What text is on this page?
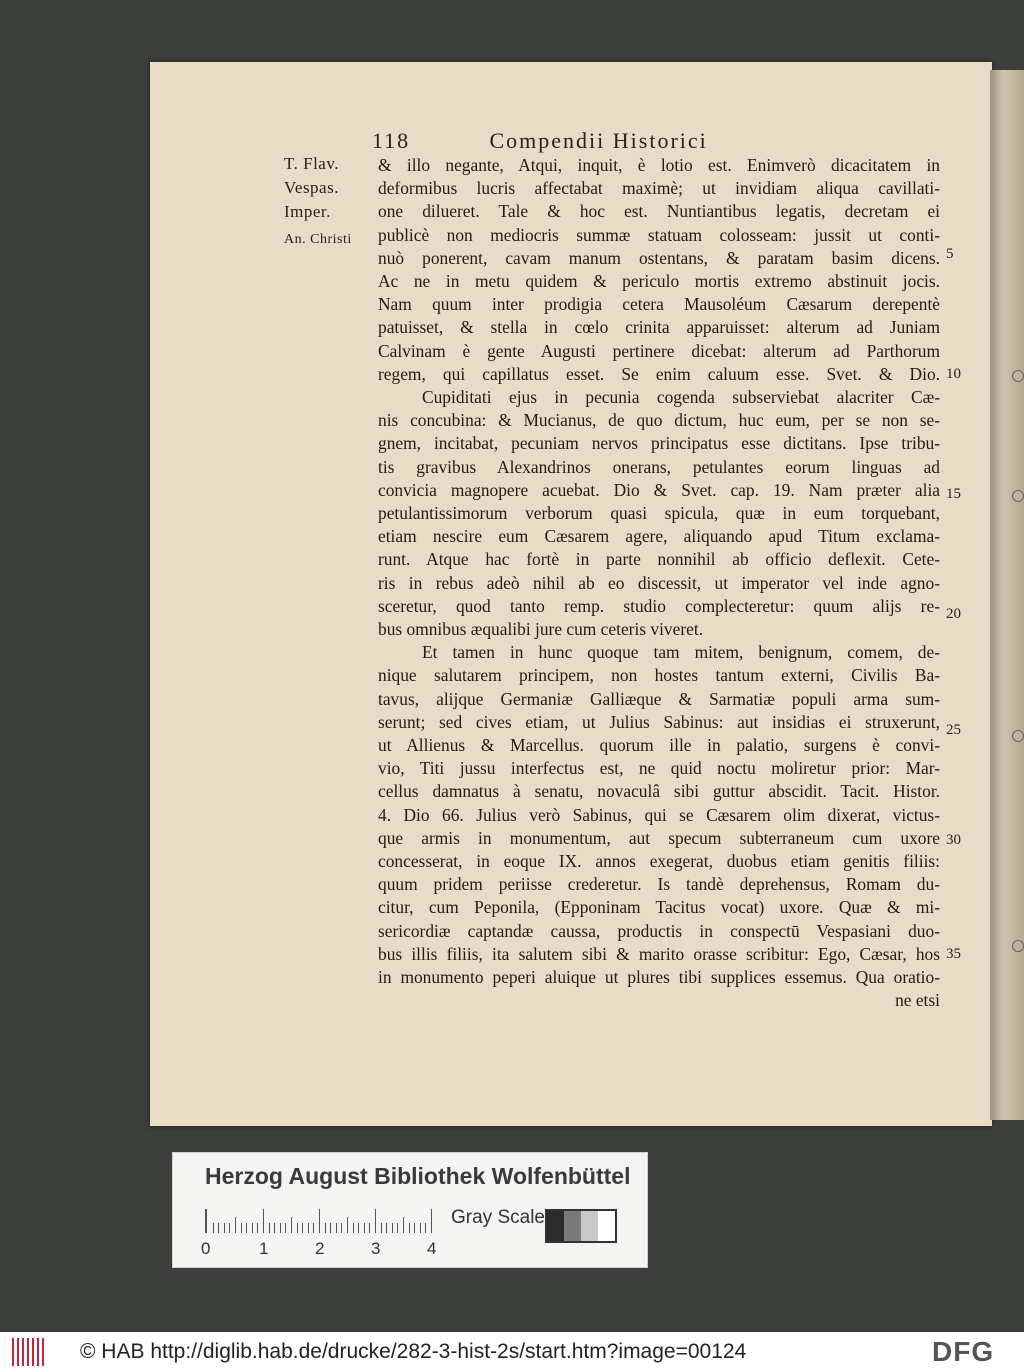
118	Compendii Historici
T. Flav.
Vespas.
Imper.
An. Christi
& illo negante, Atqui, inquit, è lotio est. Enimverò dicacitatem in
deformibus lucris affectabat maximè; ut invidiam aliqua cavillati-
one dilueret. Tale & hoc est. Nuntiantibus legatis, decretam ei
publicè non mediocris summæ statuam colosseam: jussit ut conti-
nuò ponerent, cavam manum ostentans, & paratam basim dicens.
Ac ne in metu quidem & periculo mortis extremo abstinuit jocis.
Nam quum inter prodigia cetera Mausoléum Cæsarum derepentè
patuisset, & stella in cœlo crinita apparuisset: alterum ad Juniam
Calvinam è gente Augusti pertinere dicebat: alterum ad Parthorum
regem, qui capillatus esset. Se enim caluum esse. Svet. & Dio.
Cupiditati ejus in pecunia cogenda subserviebat alacriter Cæ-
nis concubina: & Mucianus, de quo dictum, huc eum, per se non se-
gnem, incitabat, pecuniam nervos principatus esse dictitans. Ipse tribu-
tis gravibus Alexandrinos onerans, petulantes eorum linguas ad
convicia magnopere acuebat. Dio & Svet. cap. 19. Nam præter alia
petulantissimorum verborum quasi spicula, quæ in eum torquebant,
etiam nescire eum Cæsarem agere, aliquando apud Titum exclama-
runt. Atque hac fortè in parte nonnihil ab officio deflexit. Cete-
ris in rebus adeò nihil ab eo discessit, ut imperator vel inde agno-
sceretur, quod tanto remp. studio complecteretur: quum alijs re-
bus omnibus æqualibi jure cum ceteris viveret.
Et tamen in hunc quoque tam mitem, benignum, comem, de-
nique salutarem principem, non hostes tantum externi, Civilis Ba-
tavus, alijque Germaniæ Galliæque & Sarmatiæ populi arma sum-
serunt; sed cives etiam, ut Julius Sabinus: aut insidias ei struxerunt,
ut Allienus & Marcellus. quorum ille in palatio, surgens è convi-
vio, Titi jussu interfectus est, ne quid noctu moliretur prior: Mar-
cellus damnatus à senatu, novaculâ sibi guttur abscidit. Tacit. Histor.
4. Dio 66. Julius verò Sabinus, qui se Cæsarem olim dixerat, victus-
que armis in monumentum, aut specum subterraneum cum uxore
concesserat, in eoque IX. annos exegerat, duobus etiam genitis filiis:
quum pridem periisse crederetur. Is tandè deprehensus, Romam du-
citur, cum Peponila, (Epponinam Tacitus vocat) uxore. Quæ & mi-
sericordiæ captandæ caussa, productis in conspectū Vespasiani duo-
bus illis filiis, ita salutem sibi & marito orasse scribitur: Ego, Cæsar, hos
in monumento peperi aluique ut plures tibi supplices essemus. Qua oratio-
ne etsi
5
10
15
20
25
30
35
Herzog August Bibliothek Wolfenbüttel
0	1	2	3	4
Gray Scale
© HAB http://diglib.hab.de/drucke/282-3-hist-2s/start.htm?image=00124	DFG
